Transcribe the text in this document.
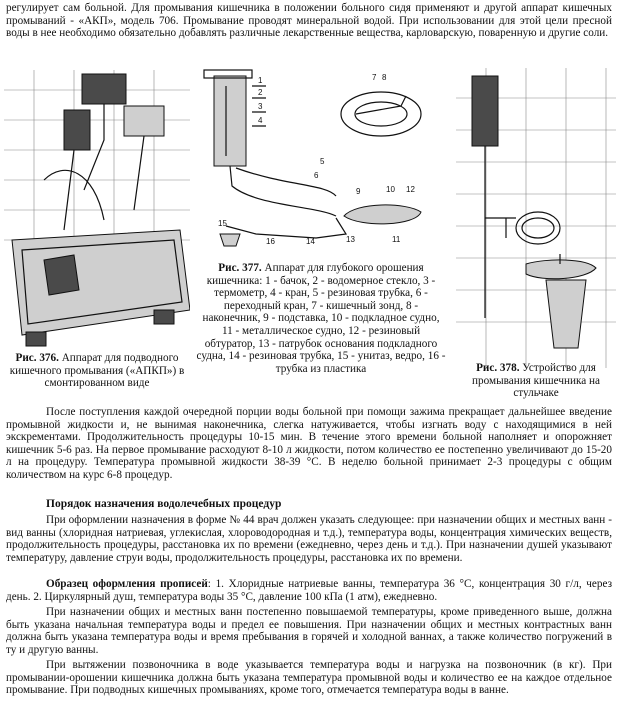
регулирует сам больной. Для промывания кишечника в положении больного сидя применяют и другой аппарат кишечных промываний - «АКП», модель 706. Промывание проводят минеральной водой. При использовании для этой цели пресной воды в нее необходимо обязательно добавлять различные лекарственные вещества, карловарскую, поваренную и другие соли.

Рис. 376. Аппарат для подводного кишечного промывания («АПКП») в смонтированном виде
1
2
3
4
5
6
7 8
9	10 12
11
13
14
15
16
Рис. 377. Аппарат для глубокого орошения кишечника: 1 - бачок, 2 - водомерное стекло, 3 - термометр, 4 - кран, 5 - резиновая трубка, 6 - переходный кран, 7 - кишечный зонд, 8 - наконечник, 9 - подставка, 10 - подкладное судно, 11 - металлическое судно, 12 - резиновый обтуратор, 13 - патрубок основания подкладного судна, 14 - резиновая трубка, 15 - унитаз, ведро, 16 - трубка из пластика	Рис. 378. Устройство для промывания кишечника на стульчаке

После поступления каждой очередной порции воды больной при помощи зажима прекращает дальнейшее введение промывной жидкости и, не вынимая наконечника, слегка натуживается, чтобы изгнать воду с находящимися в ней экскрементами. Продолжительность процедуры 10-15 мин. В течение этого времени больной наполняет и опорожняет кишечник 5-6 раз. На первое промывание расходуют 8-10 л жидкости, потом количество ее постепенно увеличивают до 15-20 л на процедуру. Температура промывной жидкости 38-39 °С. В неделю больной принимает 2-3 процедуры с общим количеством на курс 6-8 процедур.

Порядок назначения водолечебных процедур

При оформлении назначения в форме № 44 врач должен указать следующее: при назначении общих и местных ванн - вид ванны (хлоридная натриевая, углекислая, хлороводородная и т.д.), температура воды, концентрация химических веществ, продолжительность процедуры, расстановка их по времени (ежедневно, через день и т.д.). При назначении душей указывают температуру, давление струи воды, продолжительность процедуры, расстановка их по времени.

Образец оформления прописей: 1. Хлоридные натриевые ванны, температура 36 °С, концентрация 30 г/л, через день. 2. Циркулярный душ, температура воды 35 °С, давление 100 кПа (1 атм), ежедневно.

При назначении общих и местных ванн постепенно повышаемой температуры, кроме приведенного выше, должна быть указана начальная температура воды и предел ее повышения. При назначении общих и местных контрастных ванн должна быть указана температура воды и время пребывания в горячей и холодной ваннах, а также количество погружений в ту и другую ванны.

При вытяжении позвоночника в воде указывается температура воды и нагрузка на позвоночник (в кг). При промывании-орошении кишечника должна быть указана температура промывной воды и количество ее на каждое отдельное промывание. При подводных кишечных промываниях, кроме того, отмечается температура воды в ванне.
